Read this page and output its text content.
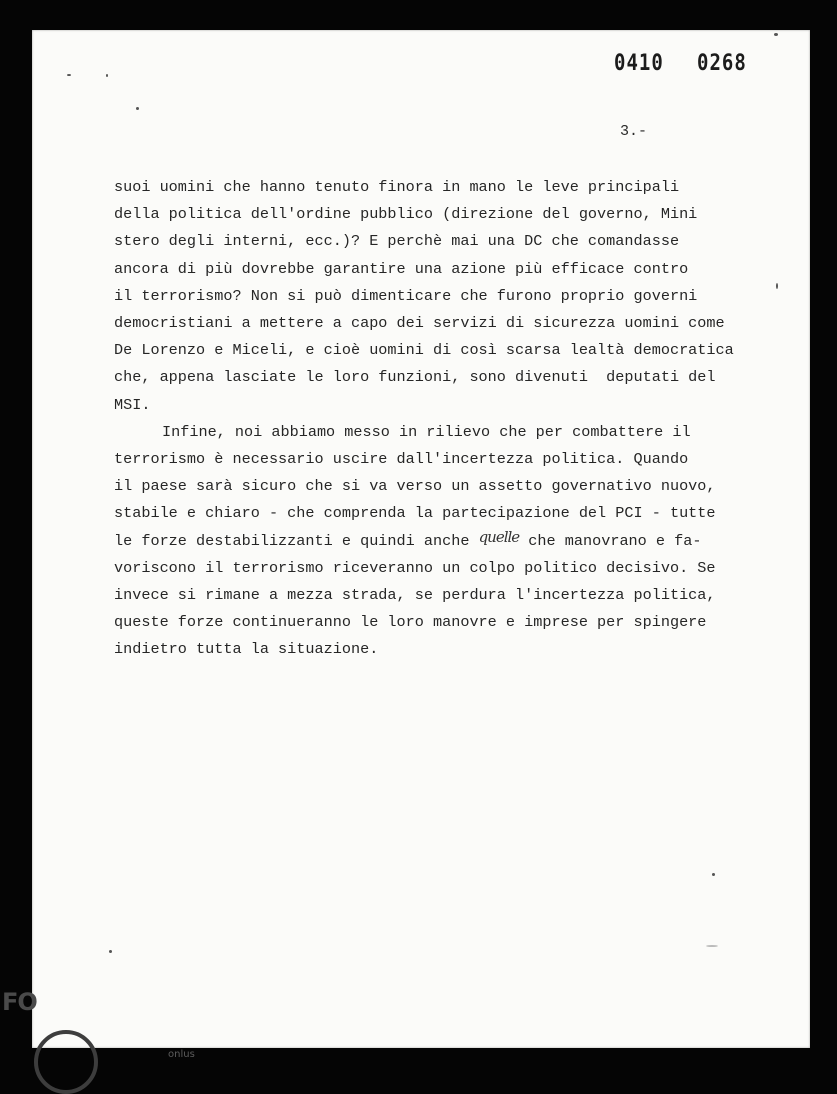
0410 0268
3.-
suoi uomini che hanno tenuto finora in mano le leve principali
della politica dell'ordine pubblico (direzione del governo, Mini
stero degli interni, ecc.)? E perchè mai una DC che comandasse
ancora di più dovrebbe garantire una azione più efficace contro
il terrorismo? Non si può dimenticare che furono proprio governi
democristiani a mettere a capo dei servizi di sicurezza uomini come
De Lorenzo e Miceli, e cioè uomini di così scarsa lealtà democratica
che, appena lasciate le loro funzioni, sono divenuti  deputati del
MSI.
Infine, noi abbiamo messo in rilievo che per combattere il
terrorismo è necessario uscire dall'incertezza politica. Quando
il paese sarà sicuro che si va verso un assetto governativo nuovo,
stabile e chiaro - che comprenda la partecipazione del PCI - tutte
le forze destabilizzanti e quindi anche quelle che manovrano e fa-
voriscono il terrorismo riceveranno un colpo politico decisivo. Se
invece si rimane a mezza strada, se perdura l'incertezza politica,
queste forze continueranno le loro manovre e imprese per spingere
indietro tutta la situazione.
FO
onlus
